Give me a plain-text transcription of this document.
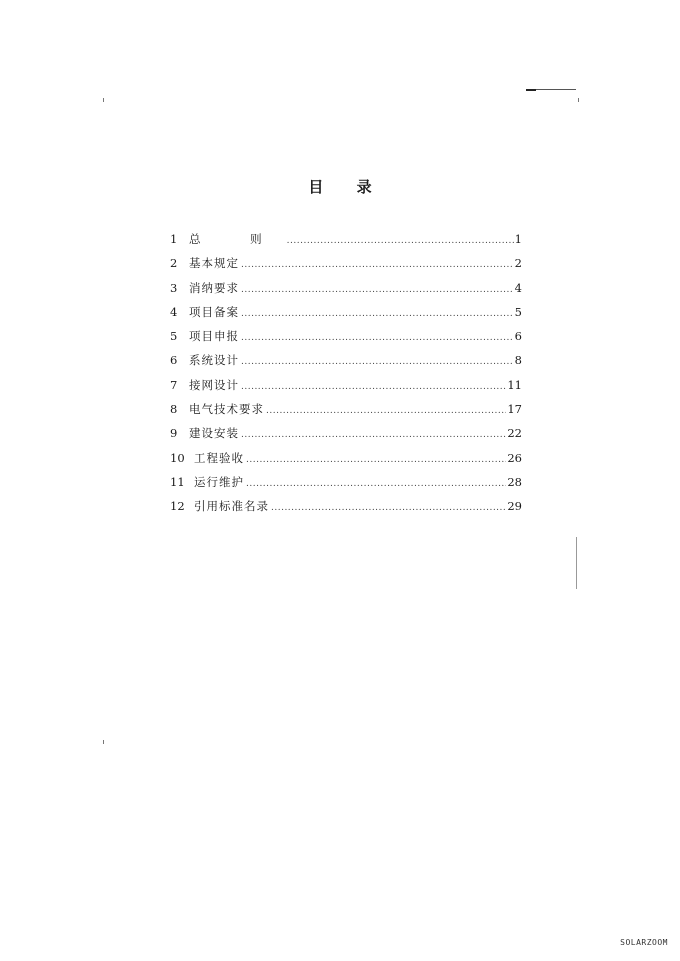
目 录
1	总 则 .....	1
2	基本规定 .....	2
3	消纳要求 .....	4
4	项目备案 .....	5
5	项目申报 .....	6
6	系统设计 .....	8
7	接网设计 .....	11
8	电气技术要求 .....	17
9	建设安装 .....	22
10 工程验收 .....	26
11 运行维护 .....	28
12 引用标准名录 .....	29
SOLARZOOM
